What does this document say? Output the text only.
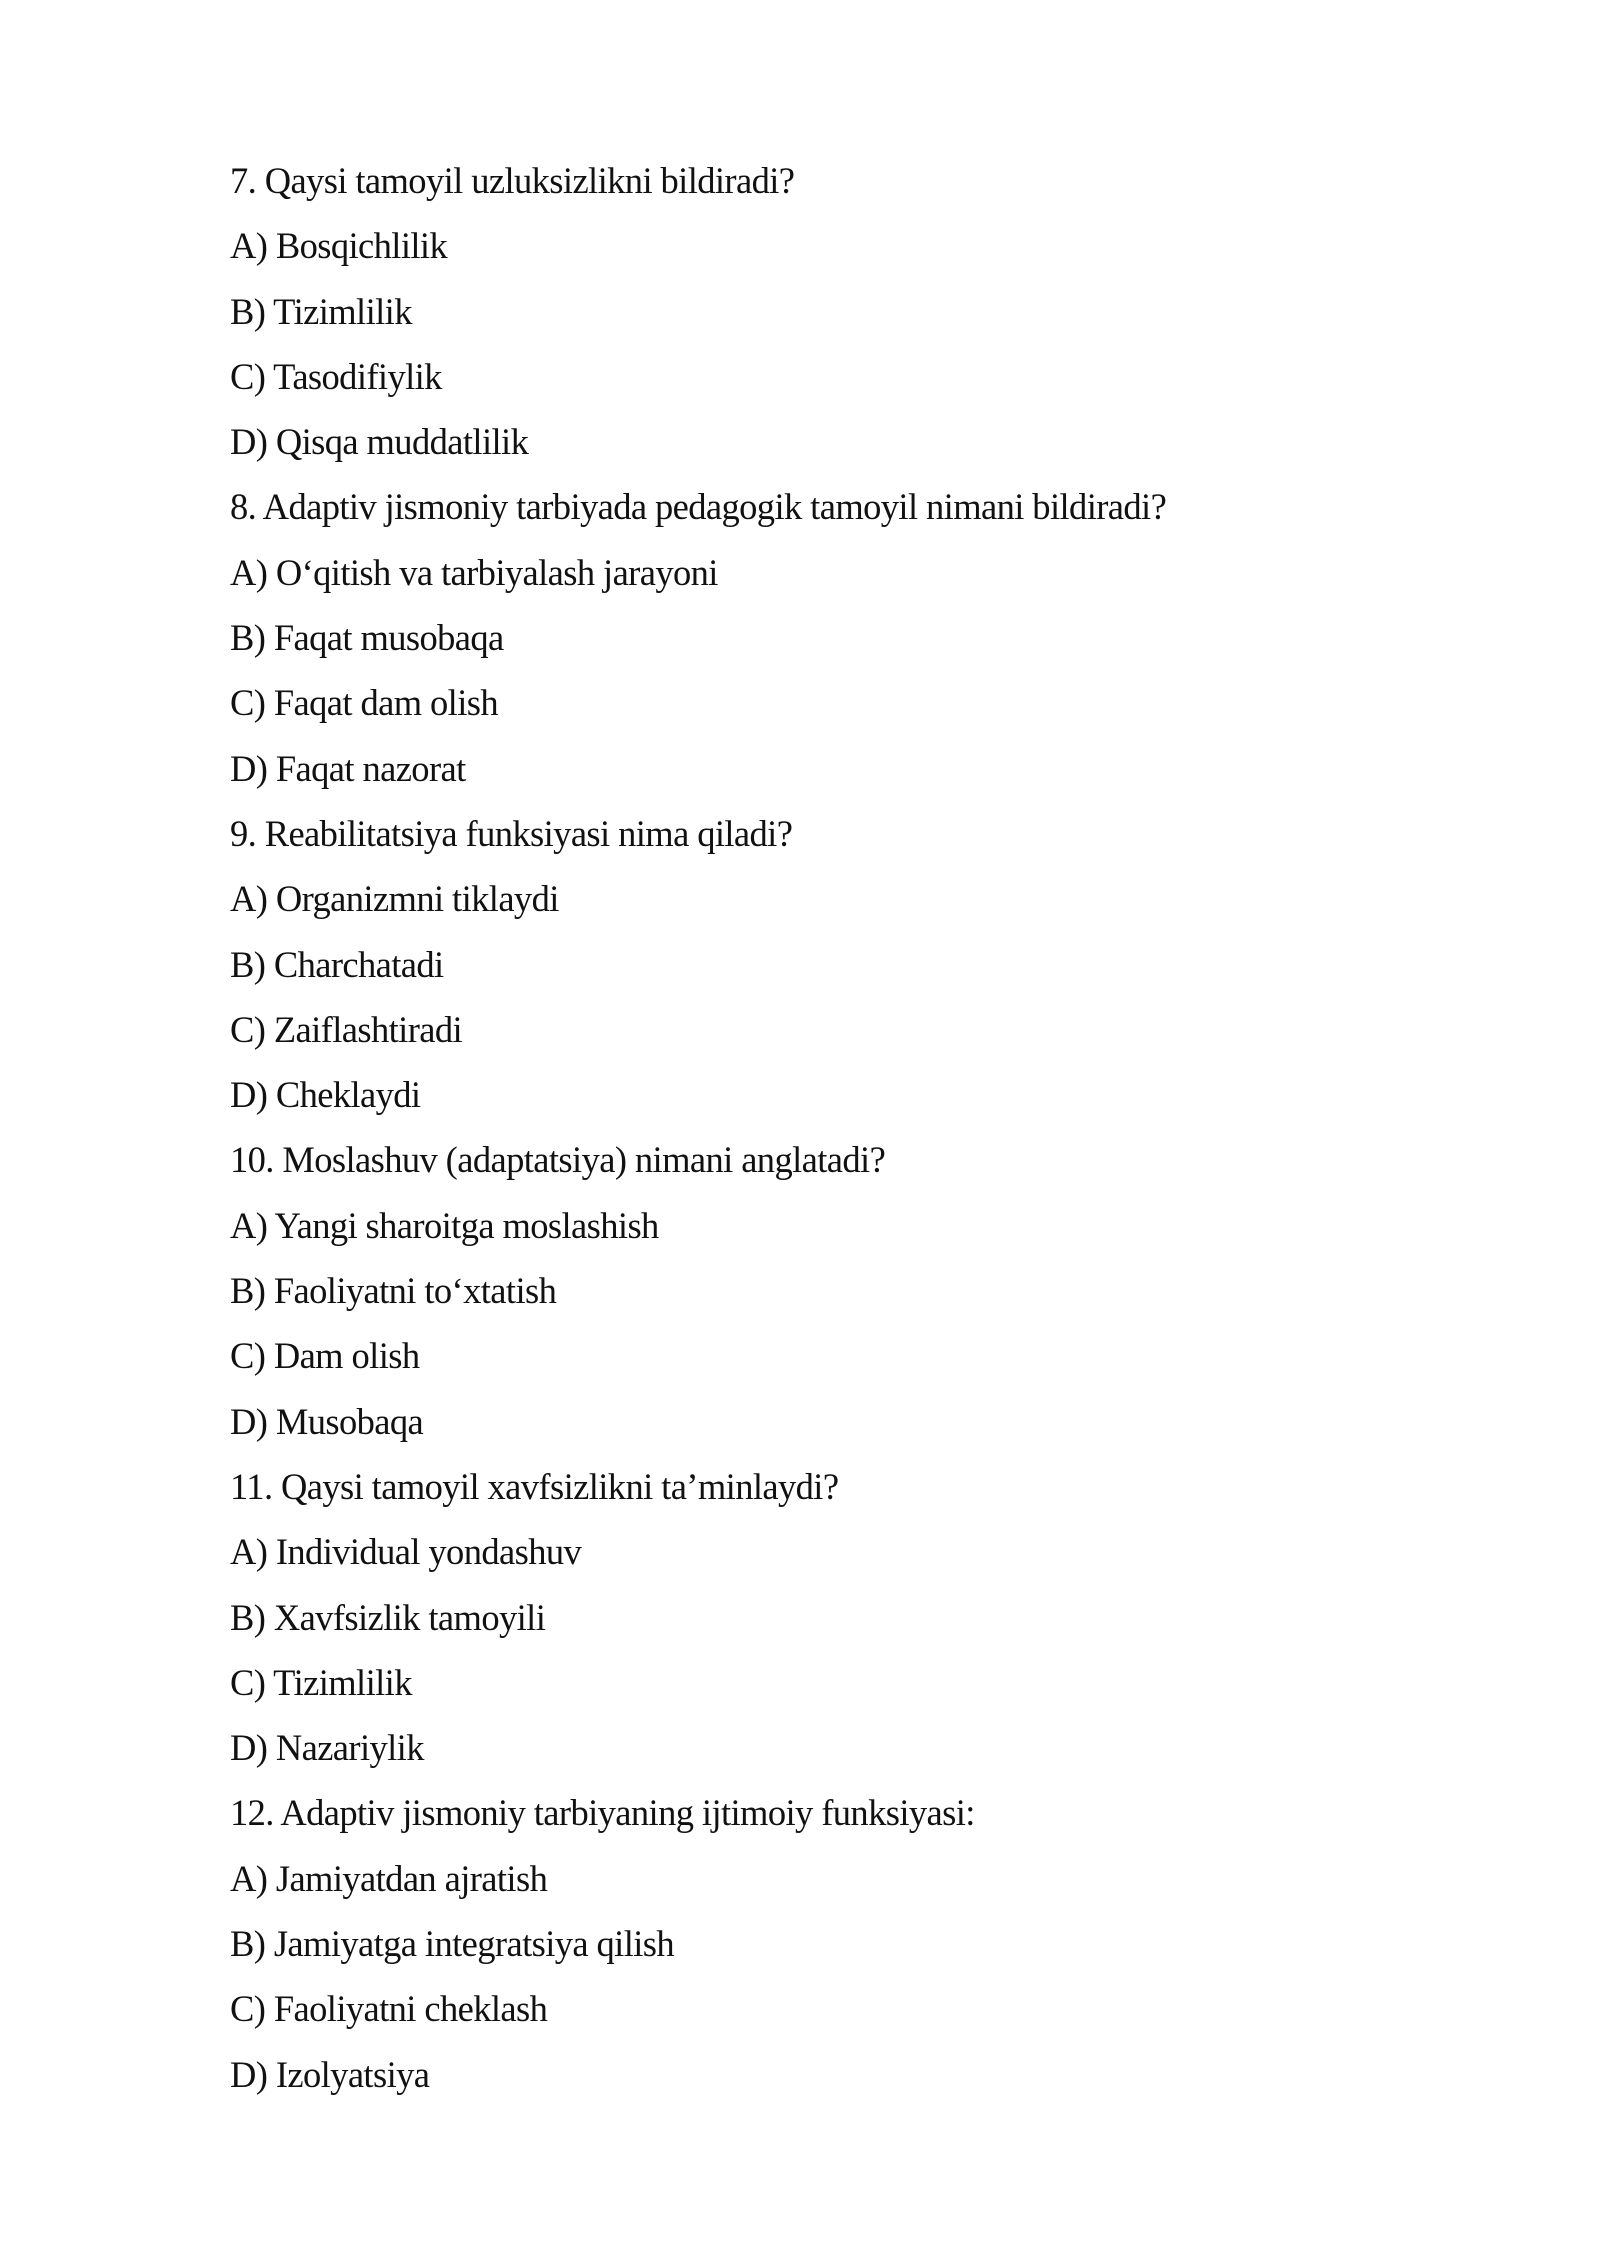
7. Qaysi tamoyil uzluksizlikni bildiradi?
A) Bosqichlilik
B) Tizimlilik
C) Tasodifiylik
D) Qisqa muddatlilik
8. Adaptiv jismoniy tarbiyada pedagogik tamoyil nimani bildiradi?
A) O‘qitish va tarbiyalash jarayoni
B) Faqat musobaqa
C) Faqat dam olish
D) Faqat nazorat
9. Reabilitatsiya funksiyasi nima qiladi?
A) Organizmni tiklaydi
B) Charchatadi
C) Zaiflashtiradi
D) Cheklaydi
10. Moslashuv (adaptatsiya) nimani anglatadi?
A) Yangi sharoitga moslashish
B) Faoliyatni to‘xtatish
C) Dam olish
D) Musobaqa
11. Qaysi tamoyil xavfsizlikni ta’minlaydi?
A) Individual yondashuv
B) Xavfsizlik tamoyili
C) Tizimlilik
D) Nazariylik
12. Adaptiv jismoniy tarbiyaning ijtimoiy funksiyasi:
A) Jamiyatdan ajratish
B) Jamiyatga integratsiya qilish
C) Faoliyatni cheklash
D) Izolyatsiya
